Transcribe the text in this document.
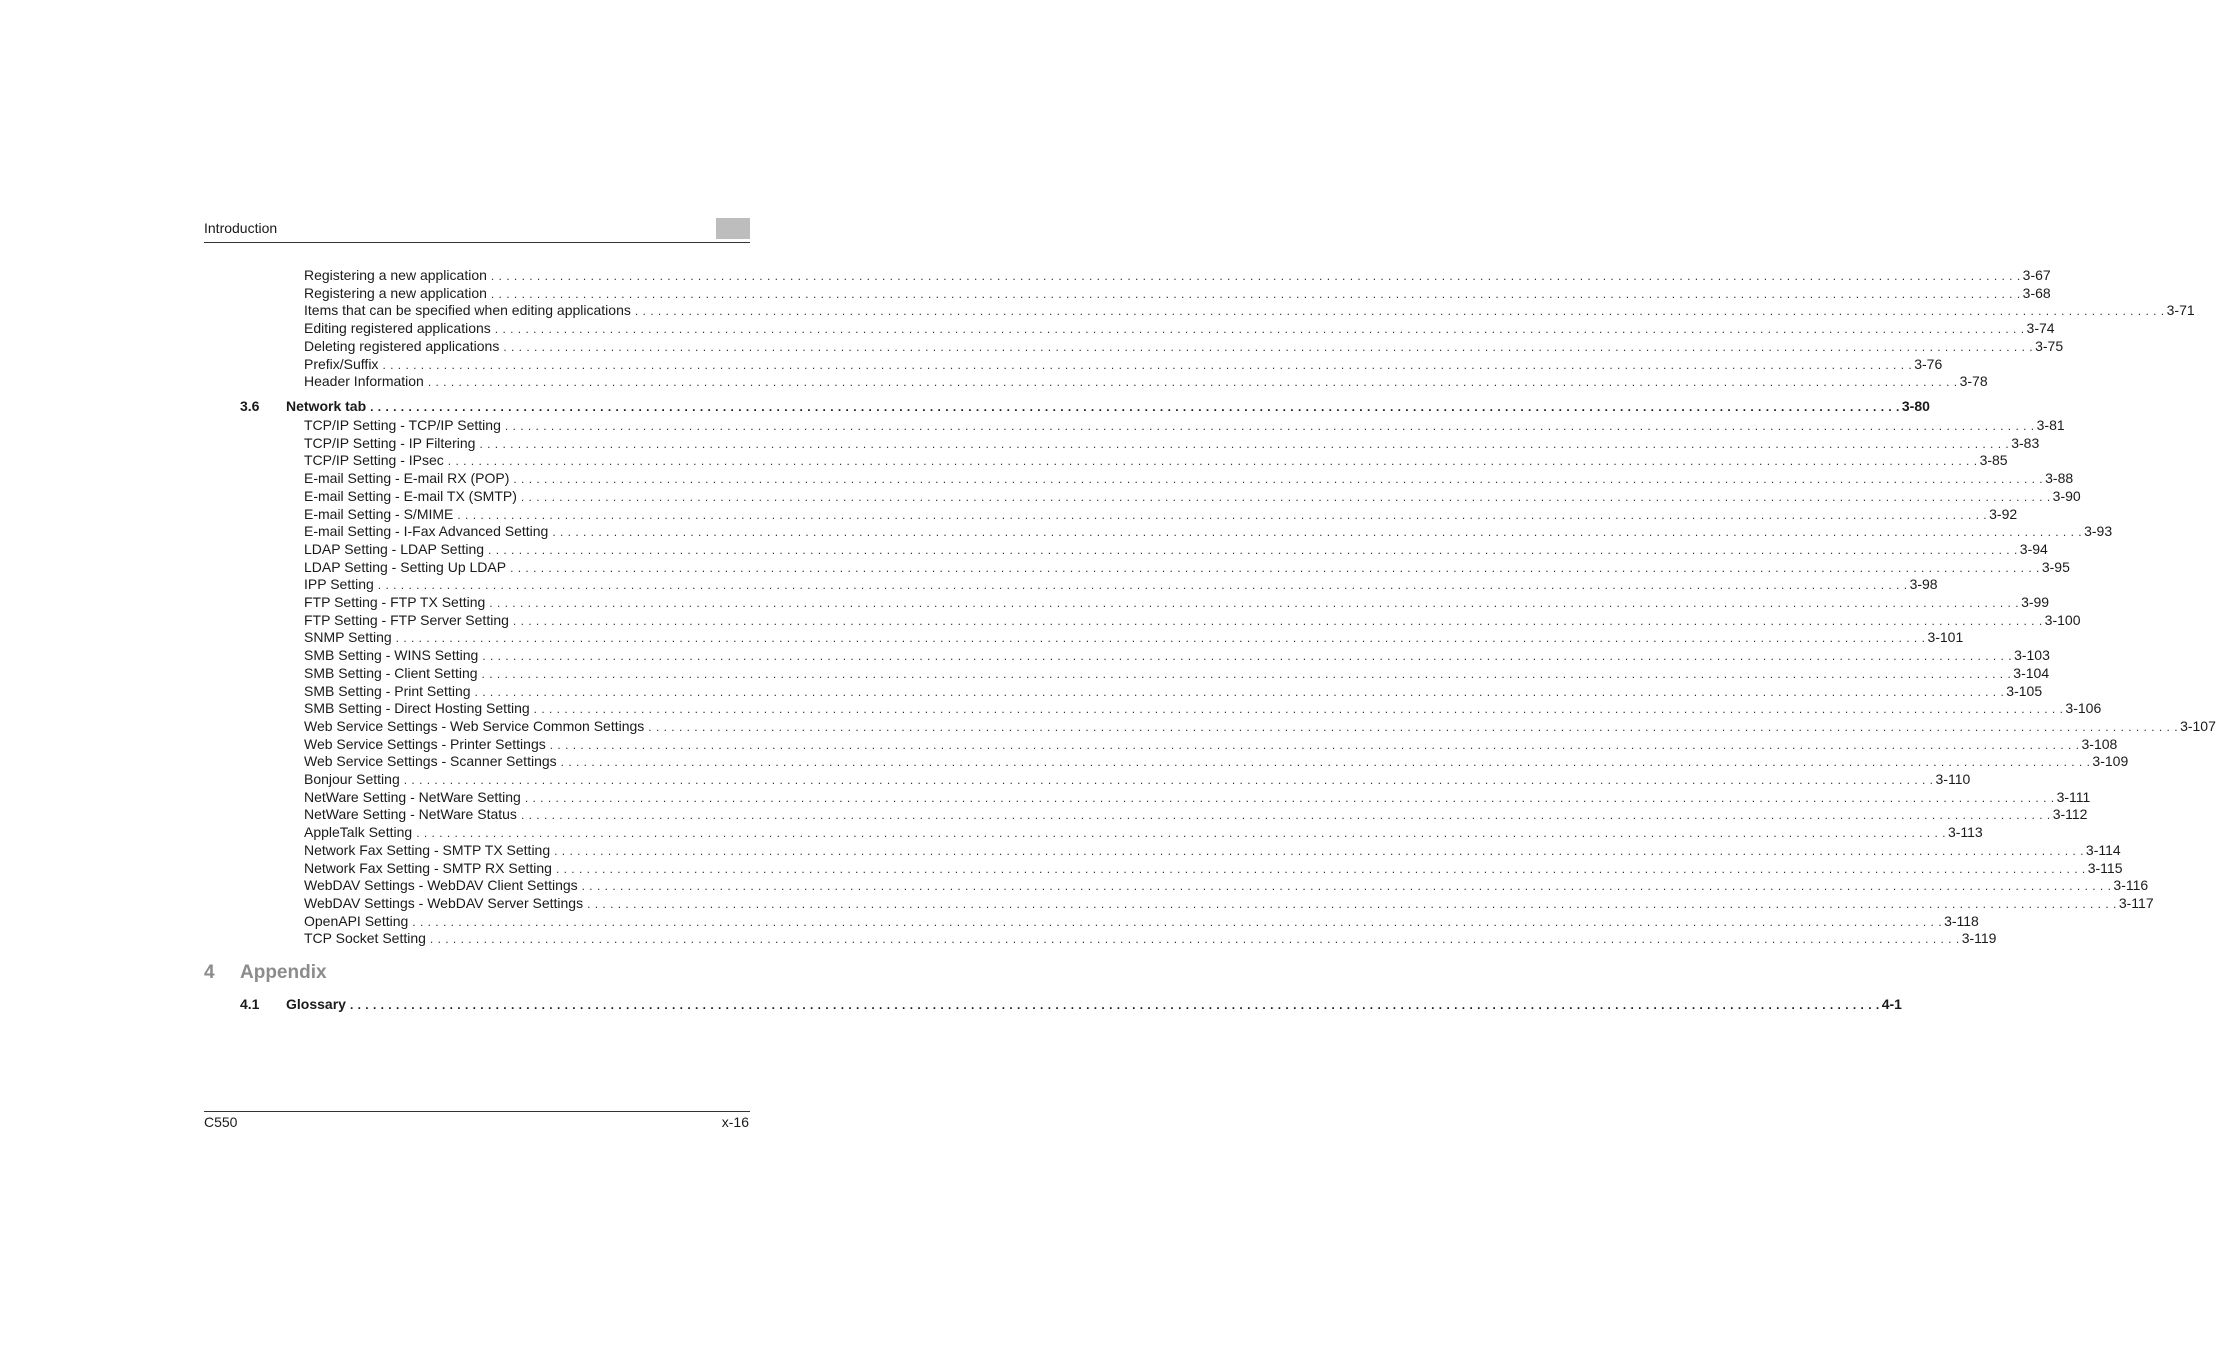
Introduction
Registering a new application . . . . . . . . . . . . . . . . . . . . . . . . . . . . . . . . . . . . . . . . . . . . . . . . . . . . . . . . . . . . . . . . . . . . . . . . . . . . . . . . . . . . . . . . . . . . . . . . . . . . . . . . . . . . . . . . . . . . . . . . . . . . . . . . . . . . . . . . . . . . . . . . . . . . . . . . . . . . . . . . . . . . . . . . . . . . . . . . . . . . . . . . . . . . . . . . . . . . . . . . 3-67
Registering a new application . . . . . . . . . . . . . . . . . . . . . . . . . . . . . . . . . . . . . . . . . . . . . . . . . . . . . . . . . . . . . . . . . . . . . . . . . . . . . . . . . . . . . . . . . . . . . . . . . . . . . . . . . . . . . . . . . . . . . . . . . . . . . . . . . . . . . . . . . . . . . . . . . . . . . . . . . . . . . . . . . . . . . . . . . . . . . . . . . . . . . . . . . . . . . . . . . . . . . . . . 3-68
Items that can be specified when editing applications . . . . . . . . . . . . . . . . . . . . . . . . . . . . . . . . . . . . . . . . . . . . . . . . . . . . . . . . . . . . . . . . . . . . . . . . . . . . . . . . . . . . . . . . . . . . . . . . . . . . . . . . . . . . . . . . . . . . . . . . . . . . . . . . . . . . . . . . . . . . . . . . . . . . . . . . . . . . . . . . . . . . . . . . . . . . . . . . . . . . . . . . . . . . . . . . . . . . . . . . 3-71
Editing registered applications . . . . . . . . . . . . . . . . . . . . . . . . . . . . . . . . . . . . . . . . . . . . . . . . . . . . . . . . . . . . . . . . . . . . . . . . . . . . . . . . . . . . . . . . . . . . . . . . . . . . . . . . . . . . . . . . . . . . . . . . . . . . . . . . . . . . . . . . . . . . . . . . . . . . . . . . . . . . . . . . . . . . . . . . . . . . . . . . . . . . . . . . . . . . . . . . . . . . . . . . 3-74
Deleting registered applications . . . . . . . . . . . . . . . . . . . . . . . . . . . . . . . . . . . . . . . . . . . . . . . . . . . . . . . . . . . . . . . . . . . . . . . . . . . . . . . . . . . . . . . . . . . . . . . . . . . . . . . . . . . . . . . . . . . . . . . . . . . . . . . . . . . . . . . . . . . . . . . . . . . . . . . . . . . . . . . . . . . . . . . . . . . . . . . . . . . . . . . . . . . . . . . . . . . . . . . . 3-75
Prefix/Suffix . . . . . . . . . . . . . . . . . . . . . . . . . . . . . . . . . . . . . . . . . . . . . . . . . . . . . . . . . . . . . . . . . . . . . . . . . . . . . . . . . . . . . . . . . . . . . . . . . . . . . . . . . . . . . . . . . . . . . . . . . . . . . . . . . . . . . . . . . . . . . . . . . . . . . . . . . . . . . . . . . . . . . . . . . . . . . . . . . . . . . . . . . . . . . . . . . . . . . . . . 3-76
Header Information . . . . . . . . . . . . . . . . . . . . . . . . . . . . . . . . . . . . . . . . . . . . . . . . . . . . . . . . . . . . . . . . . . . . . . . . . . . . . . . . . . . . . . . . . . . . . . . . . . . . . . . . . . . . . . . . . . . . . . . . . . . . . . . . . . . . . . . . . . . . . . . . . . . . . . . . . . . . . . . . . . . . . . . . . . . . . . . . . . . . . . . . . . . . . . . . . . . . . . . . 3-78
3.6	Network tab . . . . . . . . . . . . . . . . . . . . . . . . . . . . . . . . . . . . . . . . . . . . . . . . . . . . . . . . . . . . . . . . . . . . . . . . . . . . . . . . . . . . . . . . . . . . . . . . . . . . . . . . . . . . . . . . . . . . . . . . . . . . . . . . . . . . . . . . . . . . . . . . . . . . . . . . . . . . . . . . . . . . . . . . . . . . . . . . . . . . . . . . . . . . . . . . . . . . . . . . 3-80
TCP/IP Setting - TCP/IP Setting . . . . . . . . . . . . . . . . . . . . . . . . . . . . . . . . . . . . . . . . . . . . . . . . . . . . . . . . . . . . . . . . . . . . . . . . . . . . . . . . . . . . . . . . . . . . . . . . . . . . . . . . . . . . . . . . . . . . . . . . . . . . . . . . . . . . . . . . . . . . . . . . . . . . . . . . . . . . . . . . . . . . . . . . . . . . . . . . . . . . . . . . . . . . . . . . . . . . . . . . 3-81
TCP/IP Setting - IP Filtering . . . . . . . . . . . . . . . . . . . . . . . . . . . . . . . . . . . . . . . . . . . . . . . . . . . . . . . . . . . . . . . . . . . . . . . . . . . . . . . . . . . . . . . . . . . . . . . . . . . . . . . . . . . . . . . . . . . . . . . . . . . . . . . . . . . . . . . . . . . . . . . . . . . . . . . . . . . . . . . . . . . . . . . . . . . . . . . . . . . . . . . . . . . . . . . . . . . . . . . . 3-83
TCP/IP Setting - IPsec . . . . . . . . . . . . . . . . . . . . . . . . . . . . . . . . . . . . . . . . . . . . . . . . . . . . . . . . . . . . . . . . . . . . . . . . . . . . . . . . . . . . . . . . . . . . . . . . . . . . . . . . . . . . . . . . . . . . . . . . . . . . . . . . . . . . . . . . . . . . . . . . . . . . . . . . . . . . . . . . . . . . . . . . . . . . . . . . . . . . . . . . . . . . . . . . . . . . . . . . 3-85
E-mail Setting - E-mail RX (POP) . . . . . . . . . . . . . . . . . . . . . . . . . . . . . . . . . . . . . . . . . . . . . . . . . . . . . . . . . . . . . . . . . . . . . . . . . . . . . . . . . . . . . . . . . . . . . . . . . . . . . . . . . . . . . . . . . . . . . . . . . . . . . . . . . . . . . . . . . . . . . . . . . . . . . . . . . . . . . . . . . . . . . . . . . . . . . . . . . . . . . . . . . . . . . . . . . . . . . . . . 3-88
E-mail Setting - E-mail TX (SMTP) . . . . . . . . . . . . . . . . . . . . . . . . . . . . . . . . . . . . . . . . . . . . . . . . . . . . . . . . . . . . . . . . . . . . . . . . . . . . . . . . . . . . . . . . . . . . . . . . . . . . . . . . . . . . . . . . . . . . . . . . . . . . . . . . . . . . . . . . . . . . . . . . . . . . . . . . . . . . . . . . . . . . . . . . . . . . . . . . . . . . . . . . . . . . . . . . . . . . . . . . 3-90
E-mail Setting - S/MIME . . . . . . . . . . . . . . . . . . . . . . . . . . . . . . . . . . . . . . . . . . . . . . . . . . . . . . . . . . . . . . . . . . . . . . . . . . . . . . . . . . . . . . . . . . . . . . . . . . . . . . . . . . . . . . . . . . . . . . . . . . . . . . . . . . . . . . . . . . . . . . . . . . . . . . . . . . . . . . . . . . . . . . . . . . . . . . . . . . . . . . . . . . . . . . . . . . . . . . . . 3-92
E-mail Setting - I-Fax Advanced Setting . . . . . . . . . . . . . . . . . . . . . . . . . . . . . . . . . . . . . . . . . . . . . . . . . . . . . . . . . . . . . . . . . . . . . . . . . . . . . . . . . . . . . . . . . . . . . . . . . . . . . . . . . . . . . . . . . . . . . . . . . . . . . . . . . . . . . . . . . . . . . . . . . . . . . . . . . . . . . . . . . . . . . . . . . . . . . . . . . . . . . . . . . . . . . . . . . . . . . . . . 3-93
LDAP Setting - LDAP Setting . . . . . . . . . . . . . . . . . . . . . . . . . . . . . . . . . . . . . . . . . . . . . . . . . . . . . . . . . . . . . . . . . . . . . . . . . . . . . . . . . . . . . . . . . . . . . . . . . . . . . . . . . . . . . . . . . . . . . . . . . . . . . . . . . . . . . . . . . . . . . . . . . . . . . . . . . . . . . . . . . . . . . . . . . . . . . . . . . . . . . . . . . . . . . . . . . . . . . . . . 3-94
LDAP Setting - Setting Up LDAP . . . . . . . . . . . . . . . . . . . . . . . . . . . . . . . . . . . . . . . . . . . . . . . . . . . . . . . . . . . . . . . . . . . . . . . . . . . . . . . . . . . . . . . . . . . . . . . . . . . . . . . . . . . . . . . . . . . . . . . . . . . . . . . . . . . . . . . . . . . . . . . . . . . . . . . . . . . . . . . . . . . . . . . . . . . . . . . . . . . . . . . . . . . . . . . . . . . . . . . . 3-95
IPP Setting . . . . . . . . . . . . . . . . . . . . . . . . . . . . . . . . . . . . . . . . . . . . . . . . . . . . . . . . . . . . . . . . . . . . . . . . . . . . . . . . . . . . . . . . . . . . . . . . . . . . . . . . . . . . . . . . . . . . . . . . . . . . . . . . . . . . . . . . . . . . . . . . . . . . . . . . . . . . . . . . . . . . . . . . . . . . . . . . . . . . . . . . . . . . . . . . . . . . . . . . 3-98
FTP Setting - FTP TX Setting . . . . . . . . . . . . . . . . . . . . . . . . . . . . . . . . . . . . . . . . . . . . . . . . . . . . . . . . . . . . . . . . . . . . . . . . . . . . . . . . . . . . . . . . . . . . . . . . . . . . . . . . . . . . . . . . . . . . . . . . . . . . . . . . . . . . . . . . . . . . . . . . . . . . . . . . . . . . . . . . . . . . . . . . . . . . . . . . . . . . . . . . . . . . . . . . . . . . . . . . 3-99
FTP Setting - FTP Server Setting . . . . . . . . . . . . . . . . . . . . . . . . . . . . . . . . . . . . . . . . . . . . . . . . . . . . . . . . . . . . . . . . . . . . . . . . . . . . . . . . . . . . . . . . . . . . . . . . . . . . . . . . . . . . . . . . . . . . . . . . . . . . . . . . . . . . . . . . . . . . . . . . . . . . . . . . . . . . . . . . . . . . . . . . . . . . . . . . . . . . . . . . . . . . . . . . . . . . . . . . 3-100
SNMP Setting . . . . . . . . . . . . . . . . . . . . . . . . . . . . . . . . . . . . . . . . . . . . . . . . . . . . . . . . . . . . . . . . . . . . . . . . . . . . . . . . . . . . . . . . . . . . . . . . . . . . . . . . . . . . . . . . . . . . . . . . . . . . . . . . . . . . . . . . . . . . . . . . . . . . . . . . . . . . . . . . . . . . . . . . . . . . . . . . . . . . . . . . . . . . . . . . . . . . . . . . 3-101
SMB Setting - WINS Setting . . . . . . . . . . . . . . . . . . . . . . . . . . . . . . . . . . . . . . . . . . . . . . . . . . . . . . . . . . . . . . . . . . . . . . . . . . . . . . . . . . . . . . . . . . . . . . . . . . . . . . . . . . . . . . . . . . . . . . . . . . . . . . . . . . . . . . . . . . . . . . . . . . . . . . . . . . . . . . . . . . . . . . . . . . . . . . . . . . . . . . . . . . . . . . . . . . . . . . . . 3-103
SMB Setting - Client Setting . . . . . . . . . . . . . . . . . . . . . . . . . . . . . . . . . . . . . . . . . . . . . . . . . . . . . . . . . . . . . . . . . . . . . . . . . . . . . . . . . . . . . . . . . . . . . . . . . . . . . . . . . . . . . . . . . . . . . . . . . . . . . . . . . . . . . . . . . . . . . . . . . . . . . . . . . . . . . . . . . . . . . . . . . . . . . . . . . . . . . . . . . . . . . . . . . . . . . . . . 3-104
SMB Setting - Print Setting . . . . . . . . . . . . . . . . . . . . . . . . . . . . . . . . . . . . . . . . . . . . . . . . . . . . . . . . . . . . . . . . . . . . . . . . . . . . . . . . . . . . . . . . . . . . . . . . . . . . . . . . . . . . . . . . . . . . . . . . . . . . . . . . . . . . . . . . . . . . . . . . . . . . . . . . . . . . . . . . . . . . . . . . . . . . . . . . . . . . . . . . . . . . . . . . . . . . . . . . 3-105
SMB Setting - Direct Hosting Setting . . . . . . . . . . . . . . . . . . . . . . . . . . . . . . . . . . . . . . . . . . . . . . . . . . . . . . . . . . . . . . . . . . . . . . . . . . . . . . . . . . . . . . . . . . . . . . . . . . . . . . . . . . . . . . . . . . . . . . . . . . . . . . . . . . . . . . . . . . . . . . . . . . . . . . . . . . . . . . . . . . . . . . . . . . . . . . . . . . . . . . . . . . . . . . . . . . . . . . . . 3-106
Web Service Settings - Web Service Common Settings . . . . . . . . . . . . . . . . . . . . . . . . . . . . . . . . . . . . . . . . . . . . . . . . . . . . . . . . . . . . . . . . . . . . . . . . . . . . . . . . . . . . . . . . . . . . . . . . . . . . . . . . . . . . . . . . . . . . . . . . . . . . . . . . . . . . . . . . . . . . . . . . . . . . . . . . . . . . . . . . . . . . . . . . . . . . . . . . . . . . . . . . . . . . . . . . . . . . . . . . 3-107
Web Service Settings - Printer Settings . . . . . . . . . . . . . . . . . . . . . . . . . . . . . . . . . . . . . . . . . . . . . . . . . . . . . . . . . . . . . . . . . . . . . . . . . . . . . . . . . . . . . . . . . . . . . . . . . . . . . . . . . . . . . . . . . . . . . . . . . . . . . . . . . . . . . . . . . . . . . . . . . . . . . . . . . . . . . . . . . . . . . . . . . . . . . . . . . . . . . . . . . . . . . . . . . . . . . . . . 3-108
Web Service Settings - Scanner Settings . . . . . . . . . . . . . . . . . . . . . . . . . . . . . . . . . . . . . . . . . . . . . . . . . . . . . . . . . . . . . . . . . . . . . . . . . . . . . . . . . . . . . . . . . . . . . . . . . . . . . . . . . . . . . . . . . . . . . . . . . . . . . . . . . . . . . . . . . . . . . . . . . . . . . . . . . . . . . . . . . . . . . . . . . . . . . . . . . . . . . . . . . . . . . . . . . . . . . . . . 3-109
Bonjour Setting . . . . . . . . . . . . . . . . . . . . . . . . . . . . . . . . . . . . . . . . . . . . . . . . . . . . . . . . . . . . . . . . . . . . . . . . . . . . . . . . . . . . . . . . . . . . . . . . . . . . . . . . . . . . . . . . . . . . . . . . . . . . . . . . . . . . . . . . . . . . . . . . . . . . . . . . . . . . . . . . . . . . . . . . . . . . . . . . . . . . . . . . . . . . . . . . . . . . . . . . 3-110
NetWare Setting - NetWare Setting . . . . . . . . . . . . . . . . . . . . . . . . . . . . . . . . . . . . . . . . . . . . . . . . . . . . . . . . . . . . . . . . . . . . . . . . . . . . . . . . . . . . . . . . . . . . . . . . . . . . . . . . . . . . . . . . . . . . . . . . . . . . . . . . . . . . . . . . . . . . . . . . . . . . . . . . . . . . . . . . . . . . . . . . . . . . . . . . . . . . . . . . . . . . . . . . . . . . . . . . 3-111
NetWare Setting - NetWare Status . . . . . . . . . . . . . . . . . . . . . . . . . . . . . . . . . . . . . . . . . . . . . . . . . . . . . . . . . . . . . . . . . . . . . . . . . . . . . . . . . . . . . . . . . . . . . . . . . . . . . . . . . . . . . . . . . . . . . . . . . . . . . . . . . . . . . . . . . . . . . . . . . . . . . . . . . . . . . . . . . . . . . . . . . . . . . . . . . . . . . . . . . . . . . . . . . . . . . . . . 3-112
AppleTalk Setting . . . . . . . . . . . . . . . . . . . . . . . . . . . . . . . . . . . . . . . . . . . . . . . . . . . . . . . . . . . . . . . . . . . . . . . . . . . . . . . . . . . . . . . . . . . . . . . . . . . . . . . . . . . . . . . . . . . . . . . . . . . . . . . . . . . . . . . . . . . . . . . . . . . . . . . . . . . . . . . . . . . . . . . . . . . . . . . . . . . . . . . . . . . . . . . . . . . . . . . . 3-113
Network Fax Setting - SMTP TX Setting . . . . . . . . . . . . . . . . . . . . . . . . . . . . . . . . . . . . . . . . . . . . . . . . . . . . . . . . . . . . . . . . . . . . . . . . . . . . . . . . . . . . . . . . . . . . . . . . . . . . . . . . . . . . . . . . . . . . . . . . . . . . . . . . . . . . . . . . . . . . . . . . . . . . . . . . . . . . . . . . . . . . . . . . . . . . . . . . . . . . . . . . . . . . . . . . . . . . . . . . 3-114
Network Fax Setting - SMTP RX Setting . . . . . . . . . . . . . . . . . . . . . . . . . . . . . . . . . . . . . . . . . . . . . . . . . . . . . . . . . . . . . . . . . . . . . . . . . . . . . . . . . . . . . . . . . . . . . . . . . . . . . . . . . . . . . . . . . . . . . . . . . . . . . . . . . . . . . . . . . . . . . . . . . . . . . . . . . . . . . . . . . . . . . . . . . . . . . . . . . . . . . . . . . . . . . . . . . . . . . . . . 3-115
WebDAV Settings - WebDAV Client Settings . . . . . . . . . . . . . . . . . . . . . . . . . . . . . . . . . . . . . . . . . . . . . . . . . . . . . . . . . . . . . . . . . . . . . . . . . . . . . . . . . . . . . . . . . . . . . . . . . . . . . . . . . . . . . . . . . . . . . . . . . . . . . . . . . . . . . . . . . . . . . . . . . . . . . . . . . . . . . . . . . . . . . . . . . . . . . . . . . . . . . . . . . . . . . . . . . . . . . . . . 3-116
WebDAV Settings - WebDAV Server Settings . . . . . . . . . . . . . . . . . . . . . . . . . . . . . . . . . . . . . . . . . . . . . . . . . . . . . . . . . . . . . . . . . . . . . . . . . . . . . . . . . . . . . . . . . . . . . . . . . . . . . . . . . . . . . . . . . . . . . . . . . . . . . . . . . . . . . . . . . . . . . . . . . . . . . . . . . . . . . . . . . . . . . . . . . . . . . . . . . . . . . . . . . . . . . . . . . . . . . . . . 3-117
OpenAPI Setting . . . . . . . . . . . . . . . . . . . . . . . . . . . . . . . . . . . . . . . . . . . . . . . . . . . . . . . . . . . . . . . . . . . . . . . . . . . . . . . . . . . . . . . . . . . . . . . . . . . . . . . . . . . . . . . . . . . . . . . . . . . . . . . . . . . . . . . . . . . . . . . . . . . . . . . . . . . . . . . . . . . . . . . . . . . . . . . . . . . . . . . . . . . . . . . . . . . . . . . . 3-118
TCP Socket Setting . . . . . . . . . . . . . . . . . . . . . . . . . . . . . . . . . . . . . . . . . . . . . . . . . . . . . . . . . . . . . . . . . . . . . . . . . . . . . . . . . . . . . . . . . . . . . . . . . . . . . . . . . . . . . . . . . . . . . . . . . . . . . . . . . . . . . . . . . . . . . . . . . . . . . . . . . . . . . . . . . . . . . . . . . . . . . . . . . . . . . . . . . . . . . . . . . . . . . . . . 3-119
4.1	Glossary . . . . . . . . . . . . . . . . . . . . . . . . . . . . . . . . . . . . . . . . . . . . . . . . . . . . . . . . . . . . . . . . . . . . . . . . . . . . . . . . . . . . . . . . . . . . . . . . . . . . . . . . . . . . . . . . . . . . . . . . . . . . . . . . . . . . . . . . . . . . . . . . . . . . . . . . . . . . . . . . . . . . . . . . . . . . . . . . . . . . . . . . . . . . . . . . . . . . . . . . 4-1
4	Appendix
C550	x-16
